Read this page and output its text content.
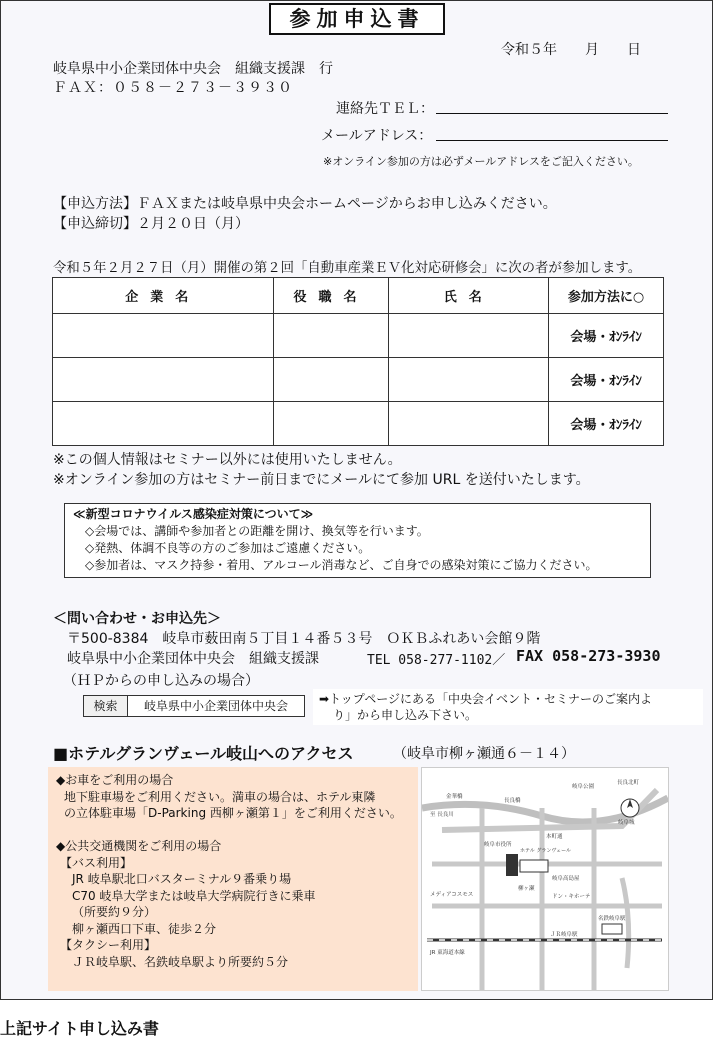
参加申込書
令和５年　　月　　日
岐阜県中小企業団体中央会　組織支援課　行
ＦＡＸ：０５８－２７３－３９３０
連絡先ＴＥＬ：
メールアドレス：
※オンライン参加の方は必ずメールアドレスをご記入ください。
【申込方法】ＦＡＸまたは岐阜県中央会ホームページからお申し込みください。
【申込締切】２月２０日（月）
令和５年２月２７日（月）開催の第２回「自動車産業ＥＶ化対応研修会」に次の者が参加します。
企業名	役職名	氏名	参加方法に○
			会場・ｵﾝﾗｲﾝ
			会場・ｵﾝﾗｲﾝ
			会場・ｵﾝﾗｲﾝ
※この個人情報はセミナー以外には使用いたしません。
※オンライン参加の方はセミナー前日までにメールにて参加 URL を送付いたします。
≪新型コロナウイルス感染症対策について≫
◇会場では、講師や参加者との距離を開け、換気等を行います。
◇発熱、体調不良等の方のご参加はご遠慮ください。
◇参加者は、マスク持参・着用、アルコール消毒など、ご自身での感染対策にご協力ください。
＜問い合わせ・お申込先＞
〒500-8384　岐阜市薮田南５丁目１４番５３号　ＯＫＢふれあい会館９階
岐阜県中小企業団体中央会　組織支援課	TEL 058-277-1102／ FAX 058-273-3930
（ＨＰからの申し込みの場合）
検索	岐阜県中小企業団体中央会	➡トップページにある「中央会イベント・セミナーのご案内よ
り」から申し込み下さい。
■ホテルグランヴェール岐山へのアクセス	（岐阜市柳ヶ瀬通６－１４）
◆お車をご利用の場合
地下駐車場をご利用ください。満車の場合は、ホテル東隣
の立体駐車場「D-Parking 西柳ヶ瀬第１」をご利用ください。
◆公共交通機関をご利用の場合
【バス利用】
JR 岐阜駅北口バスターミナル９番乗り場
C70 岐阜大学または岐阜大学病院行きに乗車
（所要約９分）
柳ヶ瀬西口下車、徒歩２分
【タクシー利用】
ＪＲ岐阜駅、名鉄岐阜駅より所要約５分
金華橋
長良橋
岐阜公園
長良北町
至 長良川
岐阜城
本町通
柳ヶ瀬
岐阜市役所
ホテル グランヴェール
岐阜高島屋
メディアコスモス
名鉄岐阜駅
ＪＲ岐阜駅
ドン・キホーテ
JR 東海道本線
上記サイト申し込み書
